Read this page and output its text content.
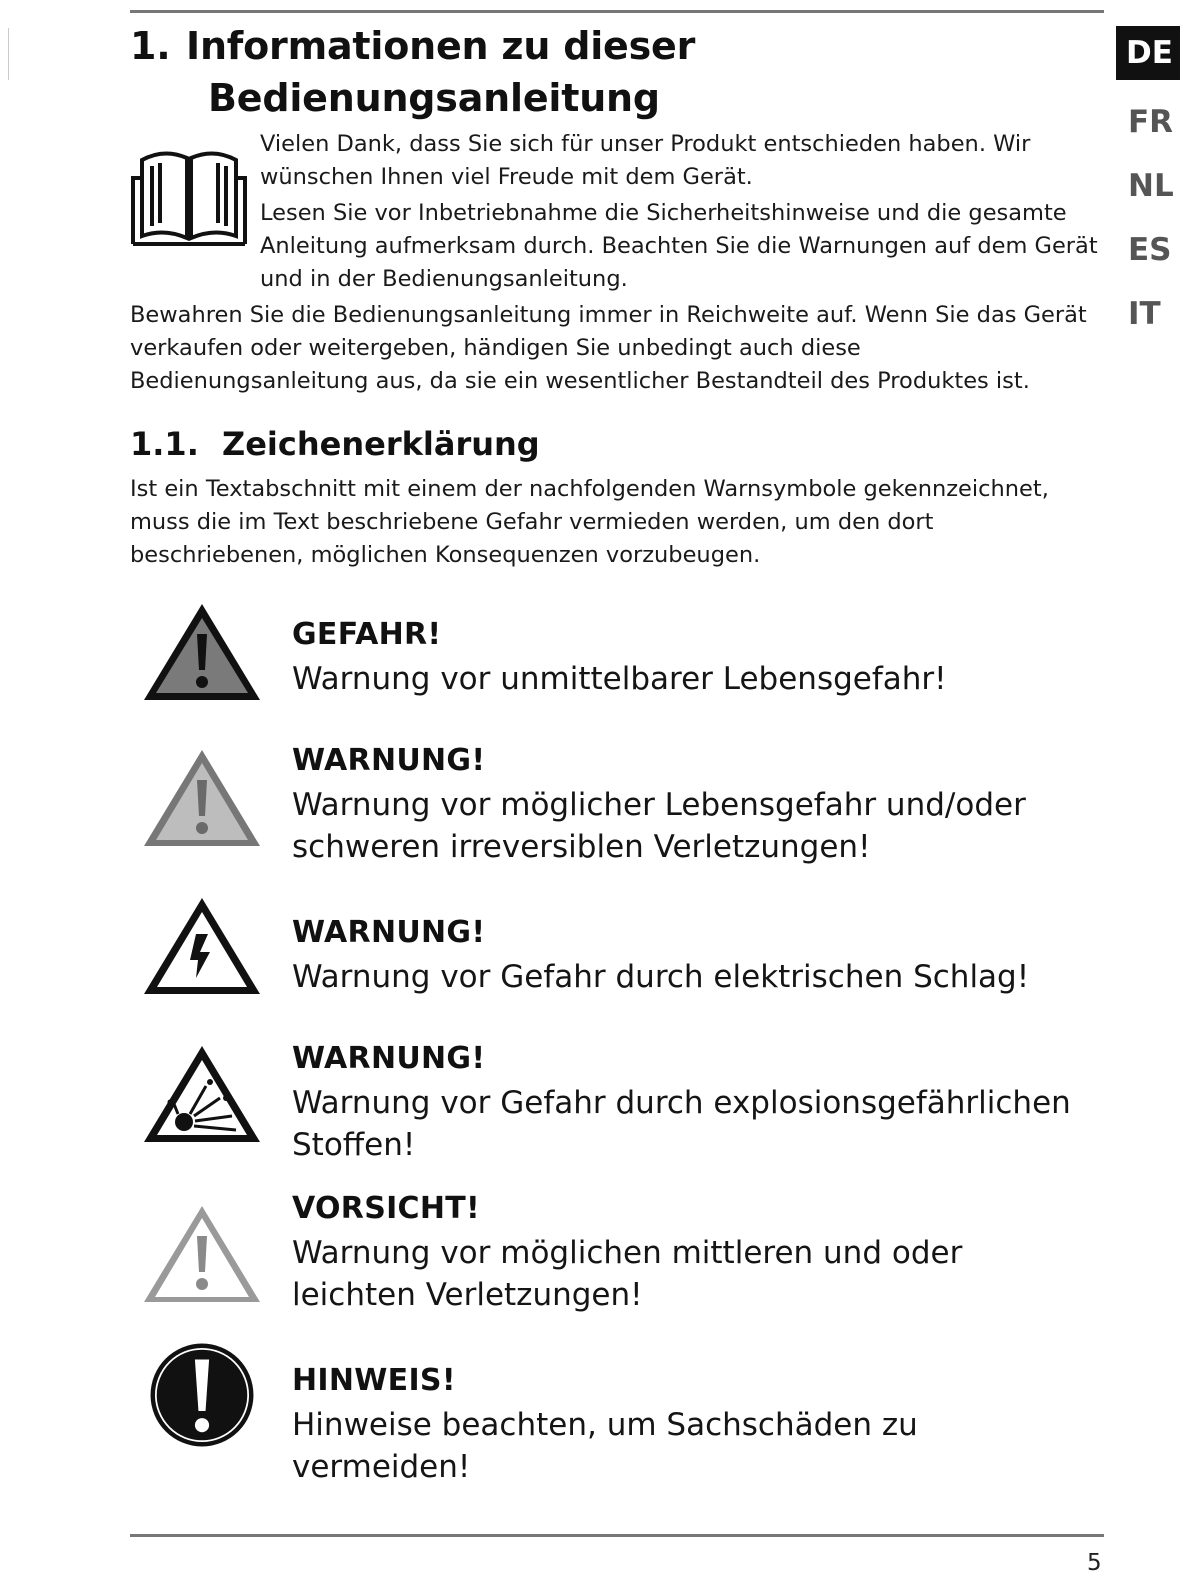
DE
FR
NL
ES
IT
1. Informationen zu dieser
Bedienungsanleitung

Vielen Dank, dass Sie sich für unser Produkt entschieden haben. Wir wünschen Ihnen viel Freude mit dem Gerät.

Lesen Sie vor Inbetriebnahme die Sicherheitshinweise und die gesamte Anleitung aufmerksam durch. Beachten Sie die Warnungen auf dem Gerät und in der Bedienungsanleitung.

Bewahren Sie die Bedienungsanleitung immer in Reichweite auf. Wenn Sie das Gerät verkaufen oder weitergeben, händigen Sie unbedingt auch diese Bedienungsanleitung aus, da sie ein wesentlicher Bestandteil des Produktes ist.

1.1. Zeichenerklärung

Ist ein Textabschnitt mit einem der nachfolgenden Warnsymbole gekennzeichnet, muss die im Text beschriebene Gefahr vermieden werden, um den dort beschriebenen, möglichen Konsequenzen vorzubeugen.

GEFAHR!
Warnung vor unmittelbarer Lebensgefahr!
WARNUNG!
Warnung vor möglicher Lebensgefahr und/oder schweren irreversiblen Verletzungen!
WARNUNG!
Warnung vor Gefahr durch elektrischen Schlag!
WARNUNG!
Warnung vor Gefahr durch explosionsgefährlichen Stoffen!
VORSICHT!
Warnung vor möglichen mittleren und oder leichten Verletzungen!
HINWEIS!
Hinweise beachten, um Sachschäden zu vermeiden!
5
